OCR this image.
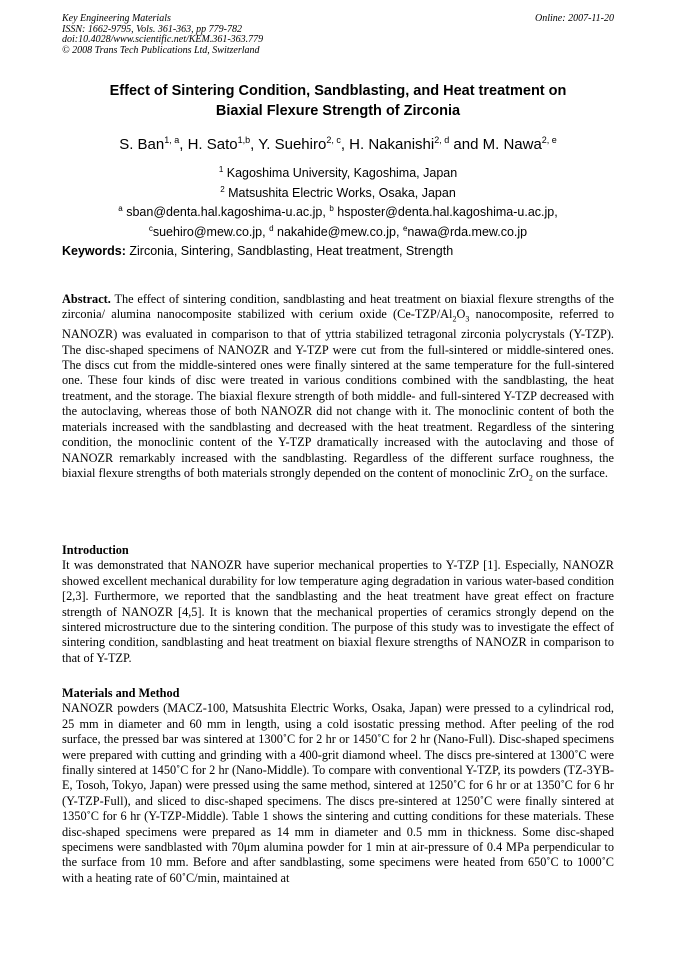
Key Engineering Materials
ISSN: 1662-9795, Vols. 361-363, pp 779-782
doi:10.4028/www.scientific.net/KEM.361-363.779
© 2008 Trans Tech Publications Ltd, Switzerland
Online: 2007-11-20
Effect of Sintering Condition, Sandblasting, and Heat treatment on
Biaxial Flexure Strength of Zirconia
S. Ban$^{1, a}$, H. Sato$^{1,b}$, Y. Suehiro$^{2, c}$, H. Nakanishi$^{2, d}$ and M. Nawa$^{2, e}$
$^1$ Kagoshima University, Kagoshima, Japan
$^2$ Matsushita Electric Works, Osaka, Japan
$^a$ sban@denta.hal.kagoshima-u.ac.jp, $^b$ hsposter@denta.hal.kagoshima-u.ac.jp,
$^c$suehiro@mew.co.jp, $^d$ nakahide@mew.co.jp, $^e$nawa@rda.mew.co.jp
Keywords: Zirconia, Sintering, Sandblasting, Heat treatment, Strength
Abstract. The effect of sintering condition, sandblasting and heat treatment on biaxial flexure strengths of the zirconia/ alumina nanocomposite stabilized with cerium oxide ($Ce-TZP/Al_2O_3$ nanocomposite, referred to NANOZR) was evaluated in comparison to that of yttria stabilized tetragonal zirconia polycrystals (Y-TZP). The disc-shaped specimens of NANOZR and Y-TZP were cut from the full-sintered or middle-sintered ones. The discs cut from the middle-sintered ones were finally sintered at the same temperature for the full-sintered one. These four kinds of disc were treated in various conditions combined with the sandblasting, the heat treatment, and the storage. The biaxial flexure strength of both middle- and full-sintered Y-TZP decreased with the autoclaving, whereas those of both NANOZR did not change with it. The monoclinic content of both the materials increased with the sandblasting and decreased with the heat treatment. Regardless of the sintering condition, the monoclinic content of the Y-TZP dramatically increased with the autoclaving and those of NANOZR remarkably increased with the sandblasting. Regardless of the different surface roughness, the biaxial flexure strengths of both materials strongly depended on the content of monoclinic ZrO$_2$ on the surface.
Introduction
It was demonstrated that NANOZR have superior mechanical properties to Y-TZP [1]. Especially, NANOZR showed excellent mechanical durability for low temperature aging degradation in various water-based condition [2,3]. Furthermore, we reported that the sandblasting and the heat treatment have great effect on fracture strength of NANOZR [4,5]. It is known that the mechanical properties of ceramics strongly depend on the sintered microstructure due to the sintering condition. The purpose of this study was to investigate the effect of sintering condition, sandblasting and heat treatment on biaxial flexure strengths of NANOZR in comparison to that of Y-TZP.
Materials and Method
NANOZR powders (MACZ-100, Matsushita Electric Works, Osaka, Japan) were pressed to a cylindrical rod, 25 mm in diameter and 60 mm in length, using a cold isostatic pressing method. After peeling of the rod surface, the pressed bar was sintered at 1300˚C for 2 hr or 1450˚C for 2 hr (Nano-Full). Disc-shaped specimens were prepared with cutting and grinding with a 400-grit diamond wheel. The discs pre-sintered at 1300˚C were finally sintered at 1450˚C for 2 hr (Nano-Middle). To compare with conventional Y-TZP, its powders (TZ-3YB-E, Tosoh, Tokyo, Japan) were pressed using the same method, sintered at 1250˚C for 6 hr or at 1350˚C for 6 hr (Y-TZP-Full), and sliced to disc-shaped specimens. The discs pre-sintered at 1250˚C were finally sintered at 1350˚C for 6 hr (Y-TZP-Middle). Table 1 shows the sintering and cutting conditions for these materials. These disc-shaped specimens were prepared as 14 mm in diameter and 0.5 mm in thickness. Some disc-shaped specimens were sandblasted with 70μm alumina powder for 1 min at air-pressure of 0.4 MPa perpendicular to the surface from 10 mm. Before and after sandblasting, some specimens were heated from 650˚C to 1000˚C with a heating rate of 60˚C/min, maintained at
